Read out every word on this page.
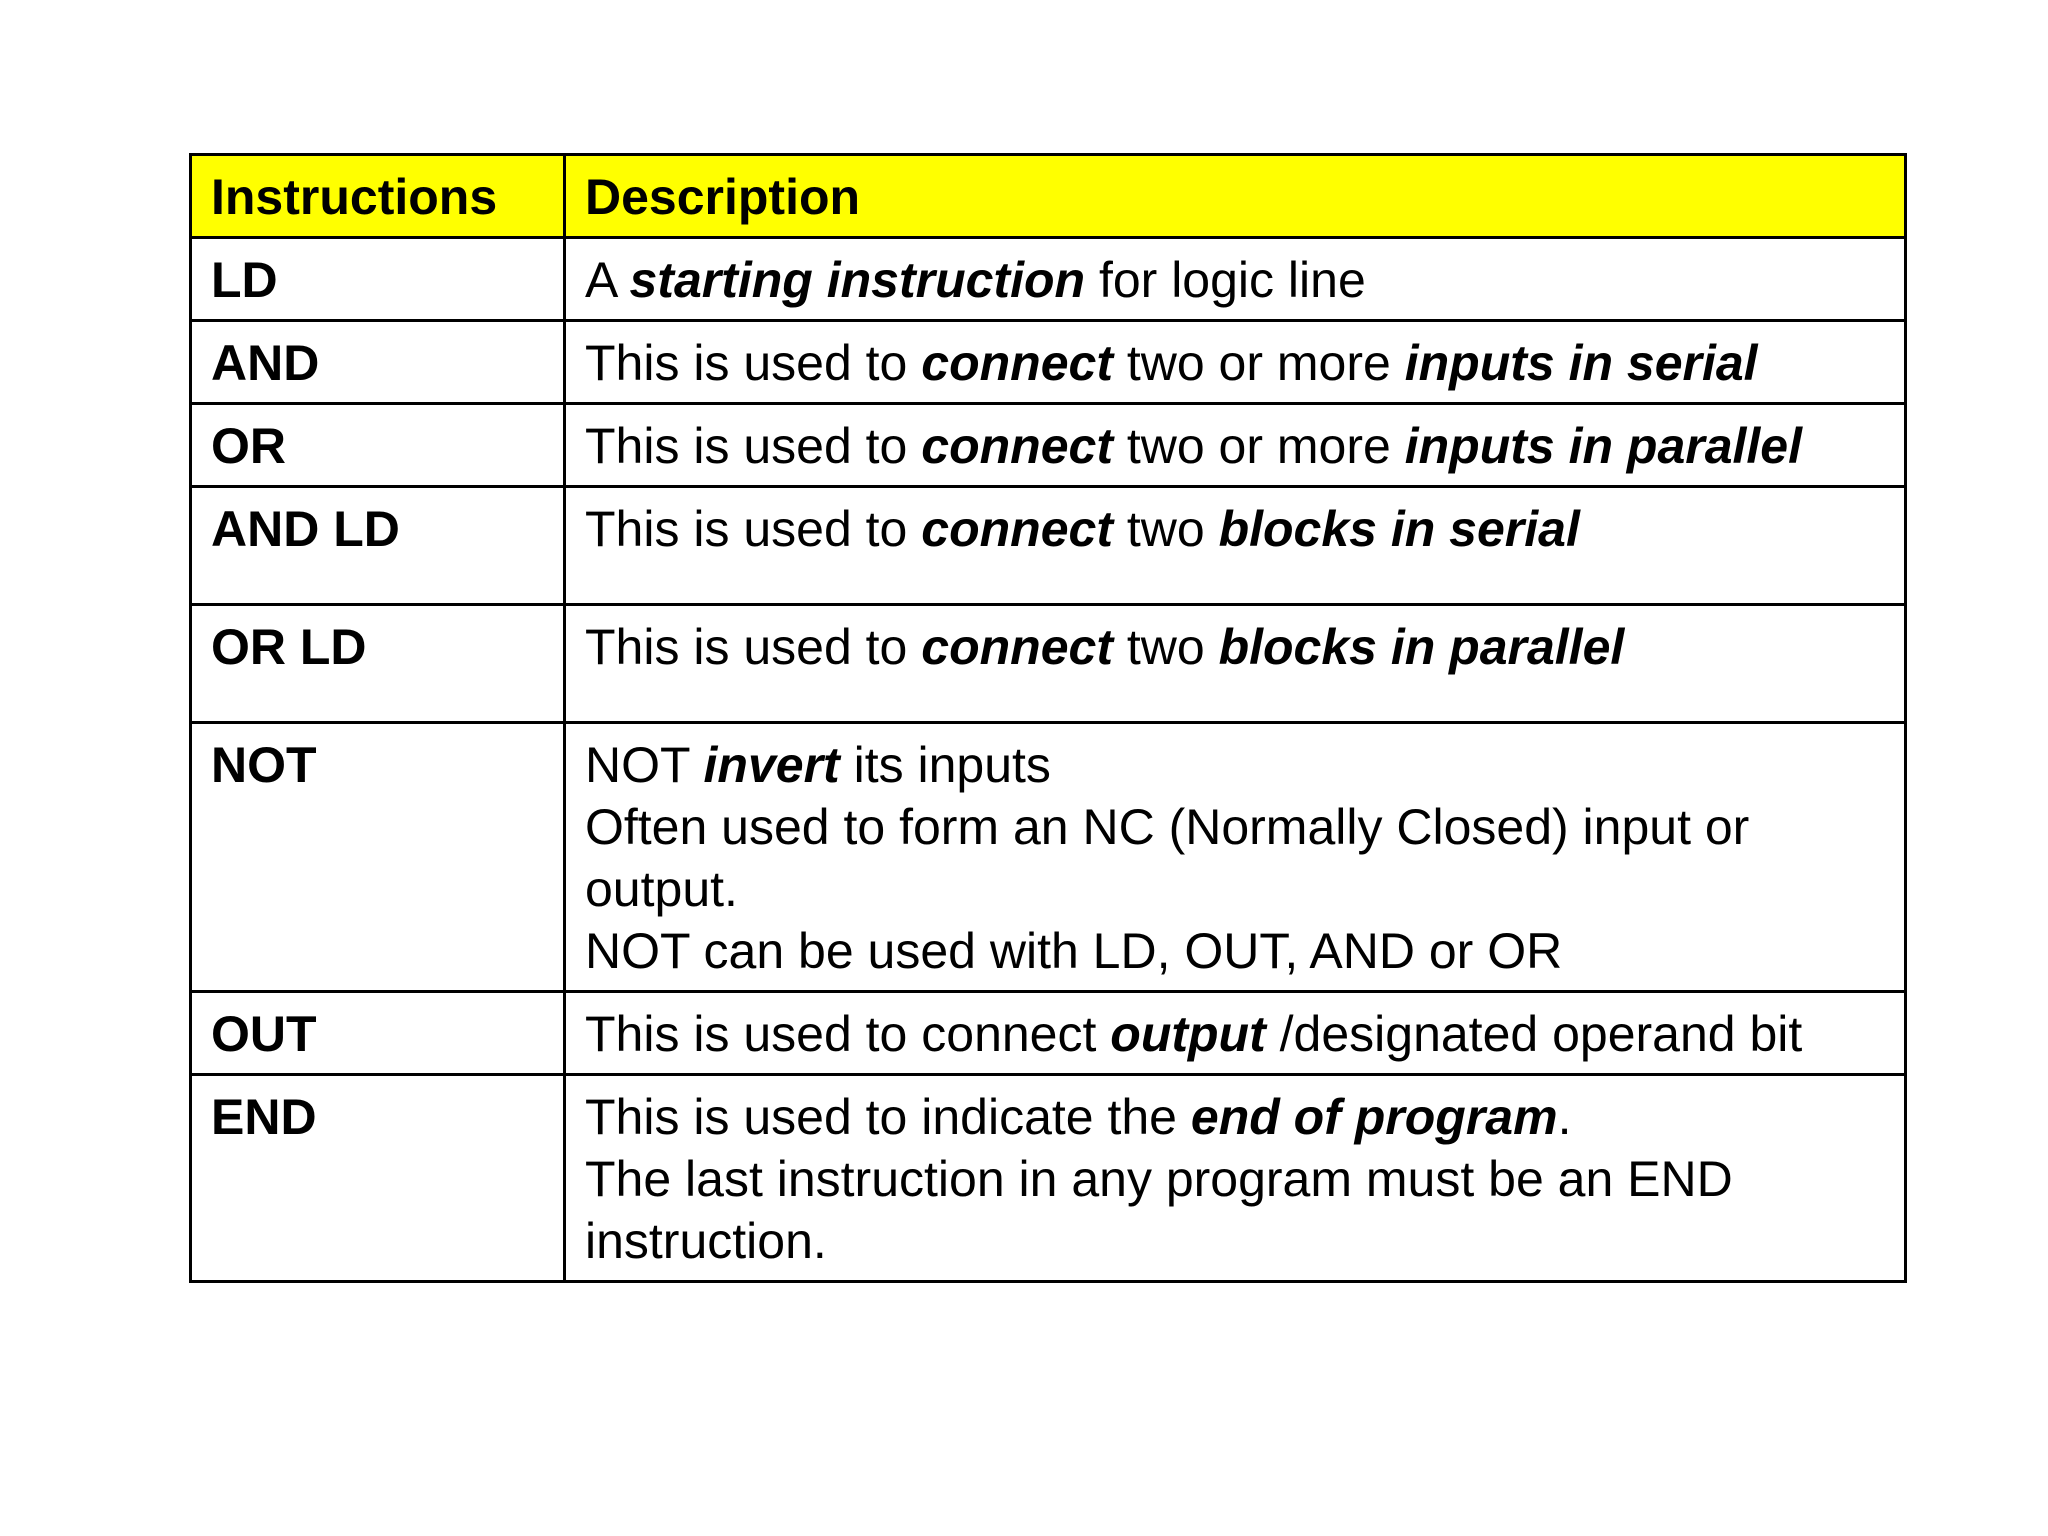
Instructions	Description
LD	A starting instruction for logic line

AND	This is used to connect two or more inputs in serial

OR	This is used to connect two or more inputs in parallel

AND LD	This is used to connect two blocks in serial

OR LD	This is used to connect two blocks in parallel

NOT	NOT invert its inputs
Often used to form an NC (Normally Closed) input or output.
NOT can be used with LD, OUT, AND or OR

OUT	This is used to connect output /designated operand bit

END	This is used to indicate the end of program.
The last instruction in any program must be an END instruction.
